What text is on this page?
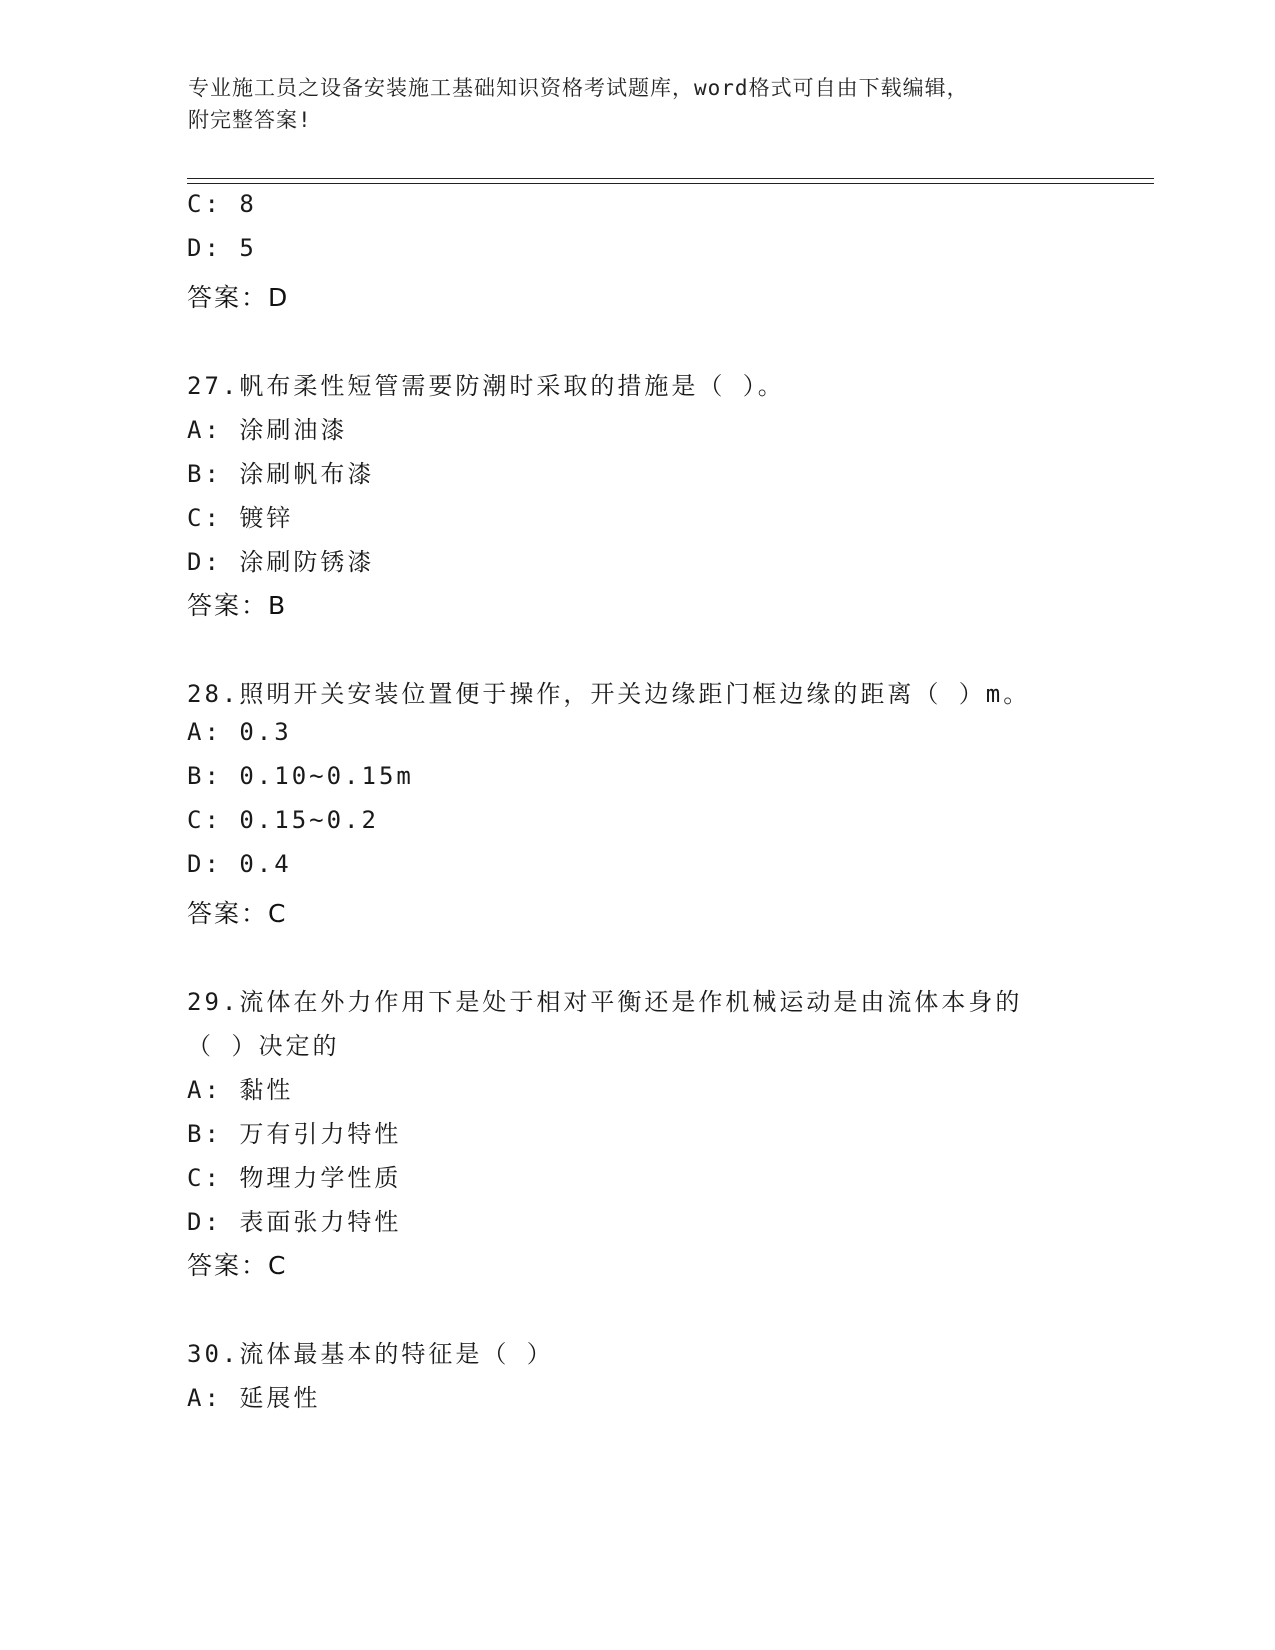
专业施工员之设备安装施工基础知识资格考试题库，word格式可自由下载编辑，
附完整答案!
C: 8
D: 5
答案：D
27.帆布柔性短管需要防潮时采取的措施是（ ）。
A: 涂刷油漆
B: 涂刷帆布漆
C: 镀锌
D: 涂刷防锈漆
答案：B
28.照明开关安装位置便于操作，开关边缘距门框边缘的距离（ ）m。
A: 0.3
B: 0.10~0.15m
C: 0.15~0.2
D: 0.4
答案：C
29.流体在外力作用下是处于相对平衡还是作机械运动是由流体本身的
（ ）决定的
A: 黏性
B: 万有引力特性
C: 物理力学性质
D: 表面张力特性
答案：C
30.流体最基本的特征是（ ）
A: 延展性
